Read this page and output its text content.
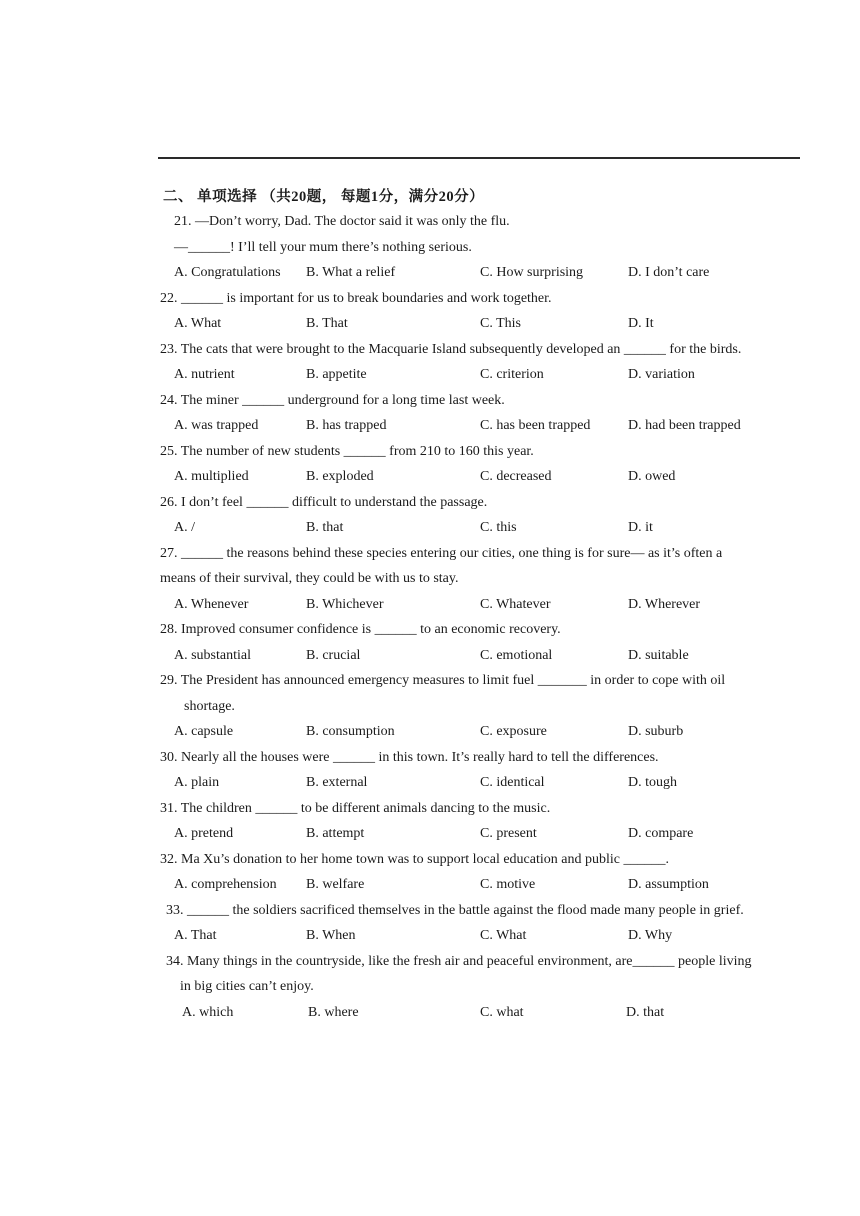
二、 单项选择 （共20题， 每题1分，满分20分）
21. —Don’t worry, Dad. The doctor said it was only the flu.
—______! I’ll tell your mum there’s nothing serious.
A. Congratulations B. What a relief	C. How surprising	D. I don’t care
22. ______ is important for us to break boundaries and work together.
A. What	B. That	C. This	D. It
23. The cats that were brought to the Macquarie Island subsequently developed an ______ for the birds.
A. nutrient	B. appetite	C. criterion	D. variation
24. The miner ______ underground for a long time last week.
A. was trapped	B. has trapped	C. has been trapped	D. had been trapped
25. The number of new students ______ from 210 to 160 this year.
A. multiplied	B. exploded	C. decreased	D. owed
26. I don’t feel ______ difficult to understand the passage.
A. /	B. that	C. this	D. it
27. ______ the reasons behind these species entering our cities, one thing is for sure— as it’s often a
means of their survival, they could be with us to stay.
A. Whenever	B. Whichever	C. Whatever	D. Wherever
28. Improved consumer confidence is ______ to an economic recovery.
A. substantial	B. crucial	C. emotional	D. suitable
29. The President has announced emergency measures to limit fuel _______ in order to cope with oil
shortage.
A. capsule	B. consumption	C. exposure	D. suburb
30. Nearly all the houses were ______ in this town. It’s really hard to tell the differences.
A. plain	B. external	C. identical	D. tough
31. The children ______ to be different animals dancing to the music.
A. pretend	B. attempt	C. present	D. compare
32. Ma Xu’s donation to her home town was to support local education and public ______.
A. comprehension B. welfare	C. motive	D. assumption
33. ______ the soldiers sacrificed themselves in the battle against the flood made many people in grief.
A. That	B. When	C. What	D. Why
34. Many things in the countryside, like the fresh air and peaceful environment, are______ people living
in big cities can’t enjoy.
A. which	B. where	C. what	D. that
